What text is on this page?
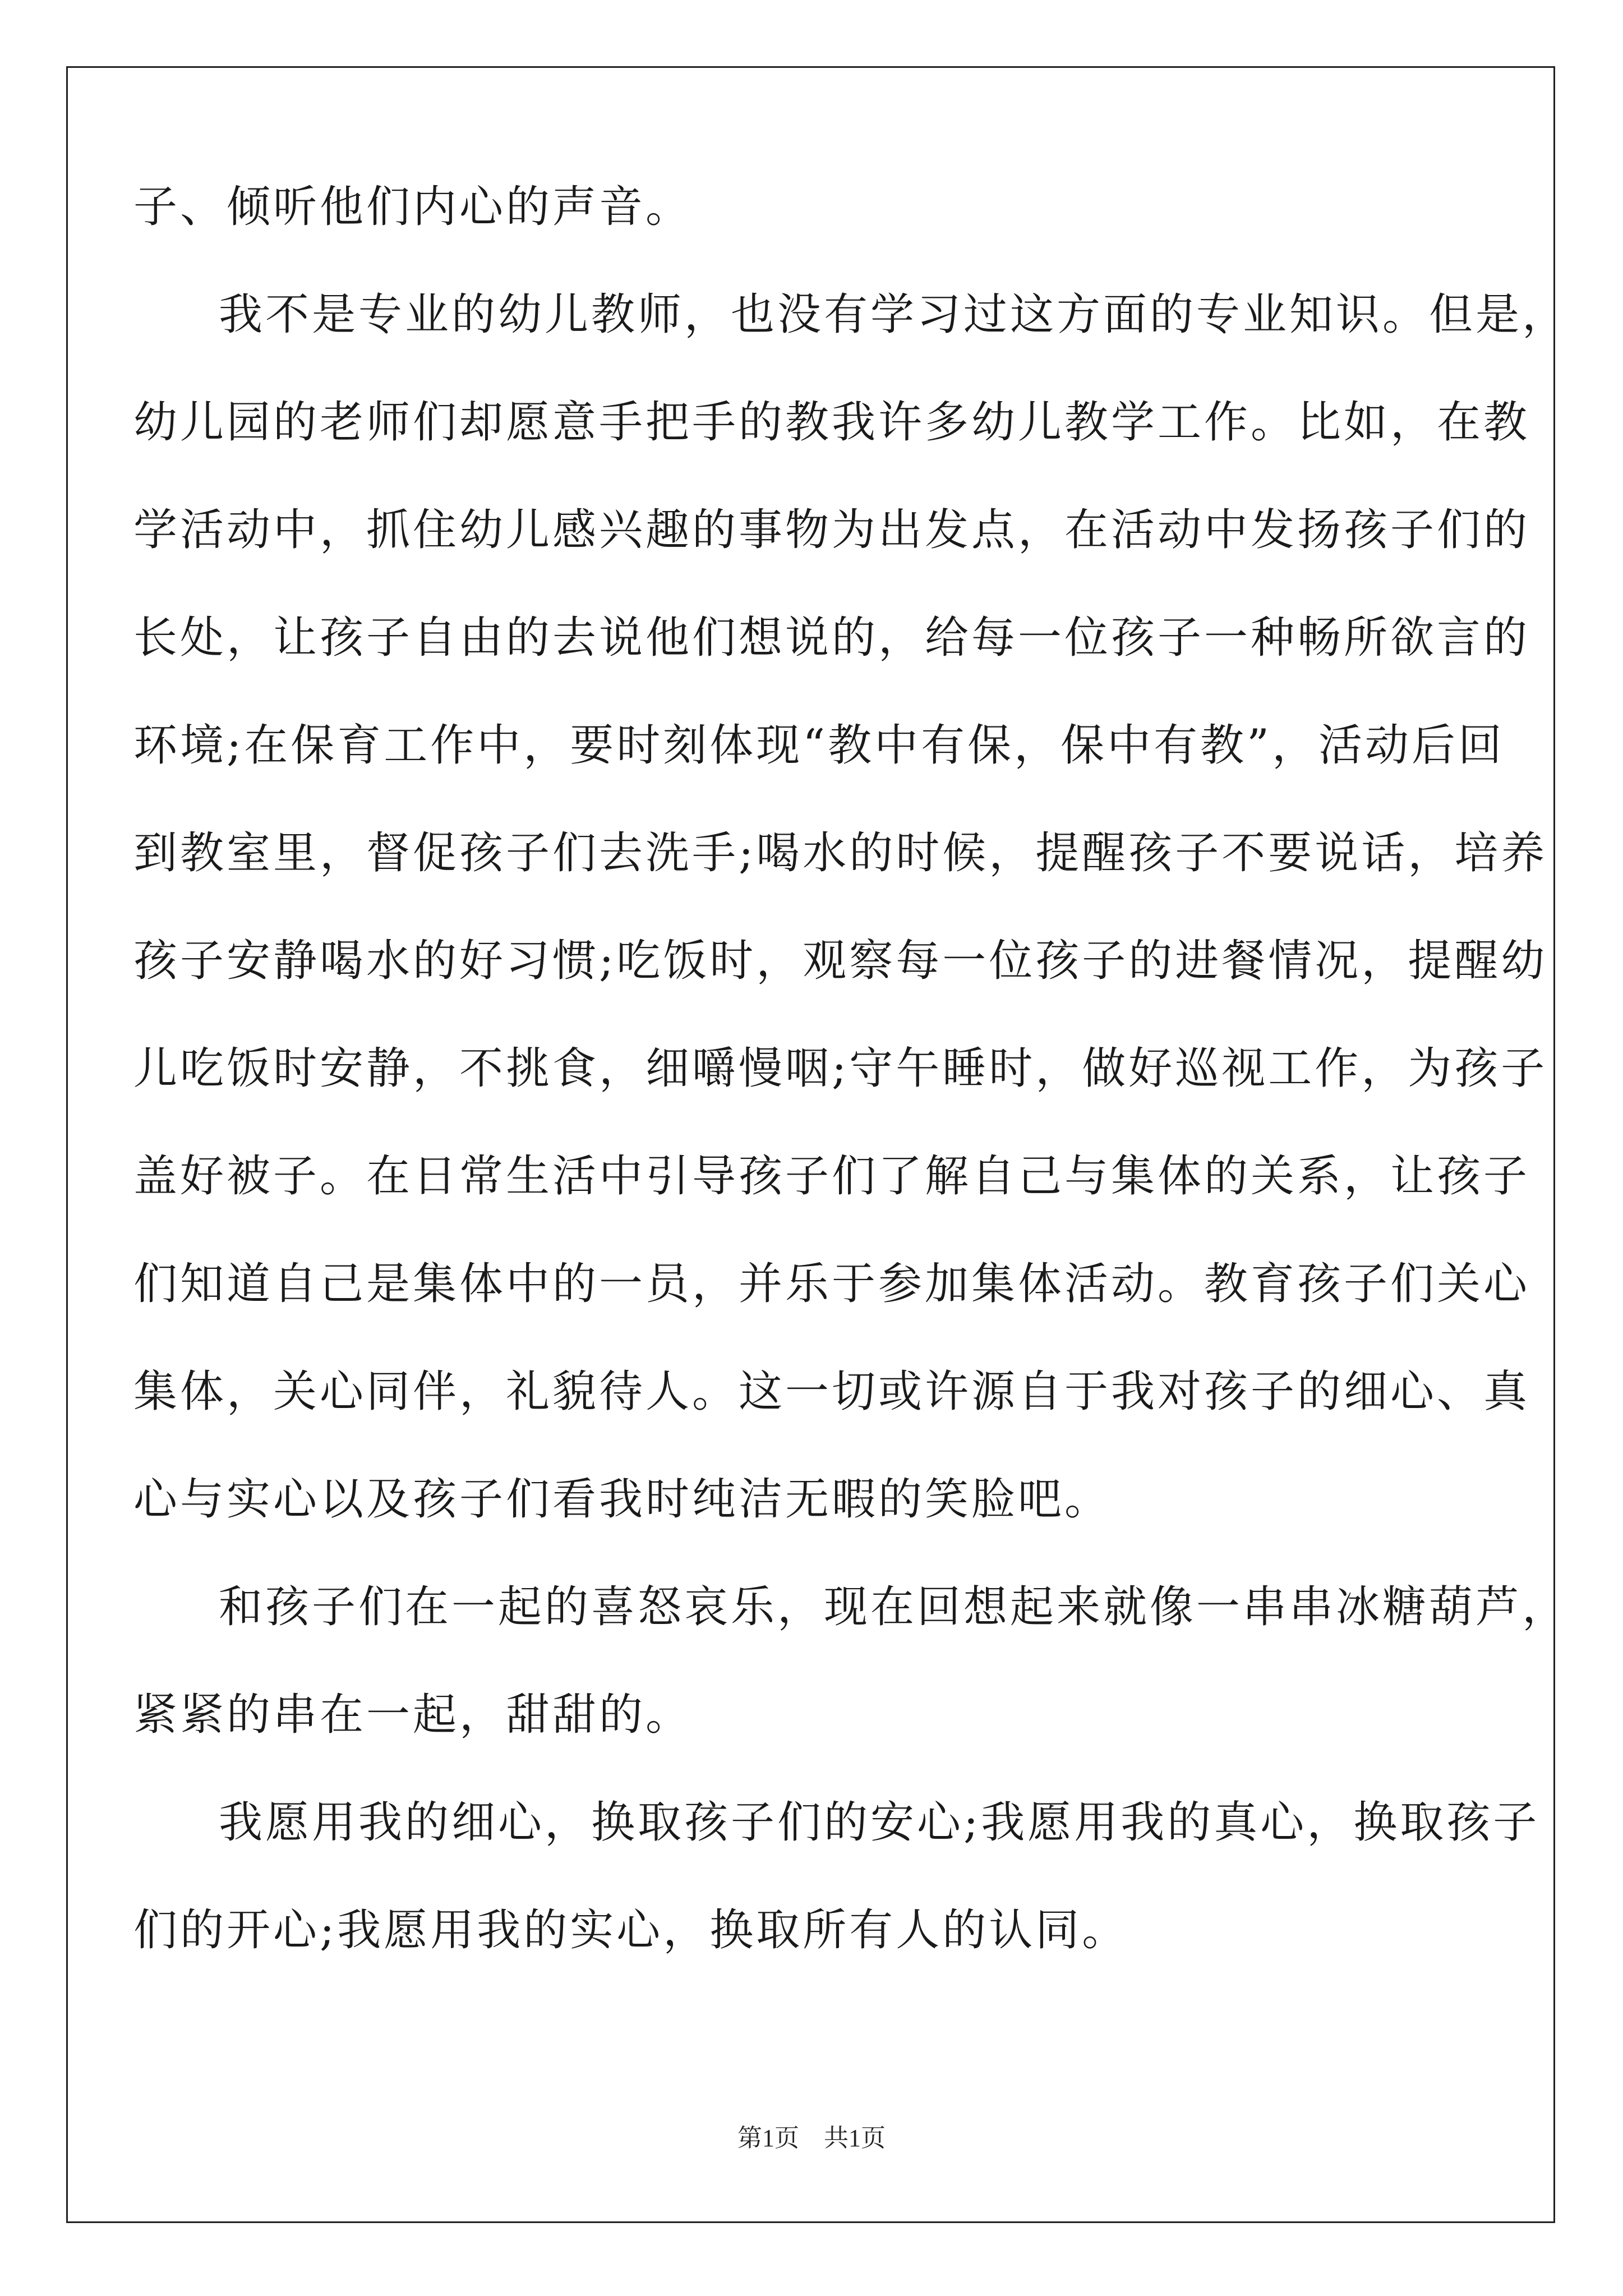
子、倾听他们内心的声音。
我不是专业的幼儿教师，也没有学习过这方面的专业知识。但是，
幼儿园的老师们却愿意手把手的教我许多幼儿教学工作。比如，在教
学活动中，抓住幼儿感兴趣的事物为出发点，在活动中发扬孩子们的
长处，让孩子自由的去说他们想说的，给每一位孩子一种畅所欲言的
环境;在保育工作中，要时刻体现“教中有保，保中有教”，活动后回
到教室里，督促孩子们去洗手;喝水的时候，提醒孩子不要说话，培养
孩子安静喝水的好习惯;吃饭时，观察每一位孩子的进餐情况，提醒幼
儿吃饭时安静，不挑食，细嚼慢咽;守午睡时，做好巡视工作，为孩子
盖好被子。在日常生活中引导孩子们了解自己与集体的关系，让孩子
们知道自己是集体中的一员，并乐于参加集体活动。教育孩子们关心
集体，关心同伴，礼貌待人。这一切或许源自于我对孩子的细心、真
心与实心以及孩子们看我时纯洁无暇的笑脸吧。
和孩子们在一起的喜怒哀乐，现在回想起来就像一串串冰糖葫芦，
紧紧的串在一起，甜甜的。
我愿用我的细心，换取孩子们的安心;我愿用我的真心，换取孩子
们的开心;我愿用我的实心，换取所有人的认同。
第1页　共1页
